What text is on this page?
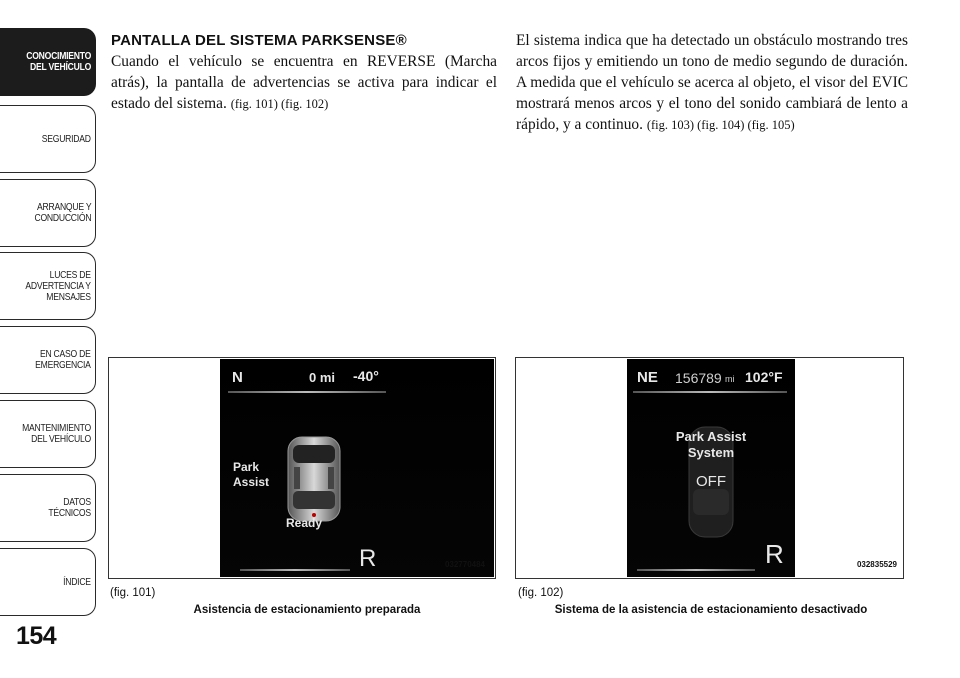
CONOCIMIENTO
DEL VEHÍCULO
SEGURIDAD
ARRANQUE Y
CONDUCCIÓN
LUCES DE
ADVERTENCIA Y
MENSAJES
EN CASO DE
EMERGENCIA
MANTENIMIENTO
DEL VEHÍCULO
DATOS
TÉCNICOS
ÍNDICE
154
PANTALLA DEL SISTEMA PARKSENSE®

Cuando el vehículo se encuentra en REVERSE (Marcha atrás), la pantalla de advertencias se activa para indicar el estado del sistema. (fig. 101) (fig. 102)

El sistema indica que ha detectado un obstáculo mostrando tres arcos fijos y emitiendo un tono de medio segundo de duración. A medida que el vehículo se acerca al objeto, el visor del EVIC mostrará menos arcos y el tono del sonido cambiará de lento a rápido, y a continuo. (fig. 103) (fig. 104) (fig. 105)

N	0 mi -40°
Park
Assist
Ready
R	032770484
(fig. 101)
Asistencia de estacionamiento preparada
NE 156789 mi 102°F
Park Assist
System
OFF
R	032835529
(fig. 102)
Sistema de la asistencia de estacionamiento desactivado
